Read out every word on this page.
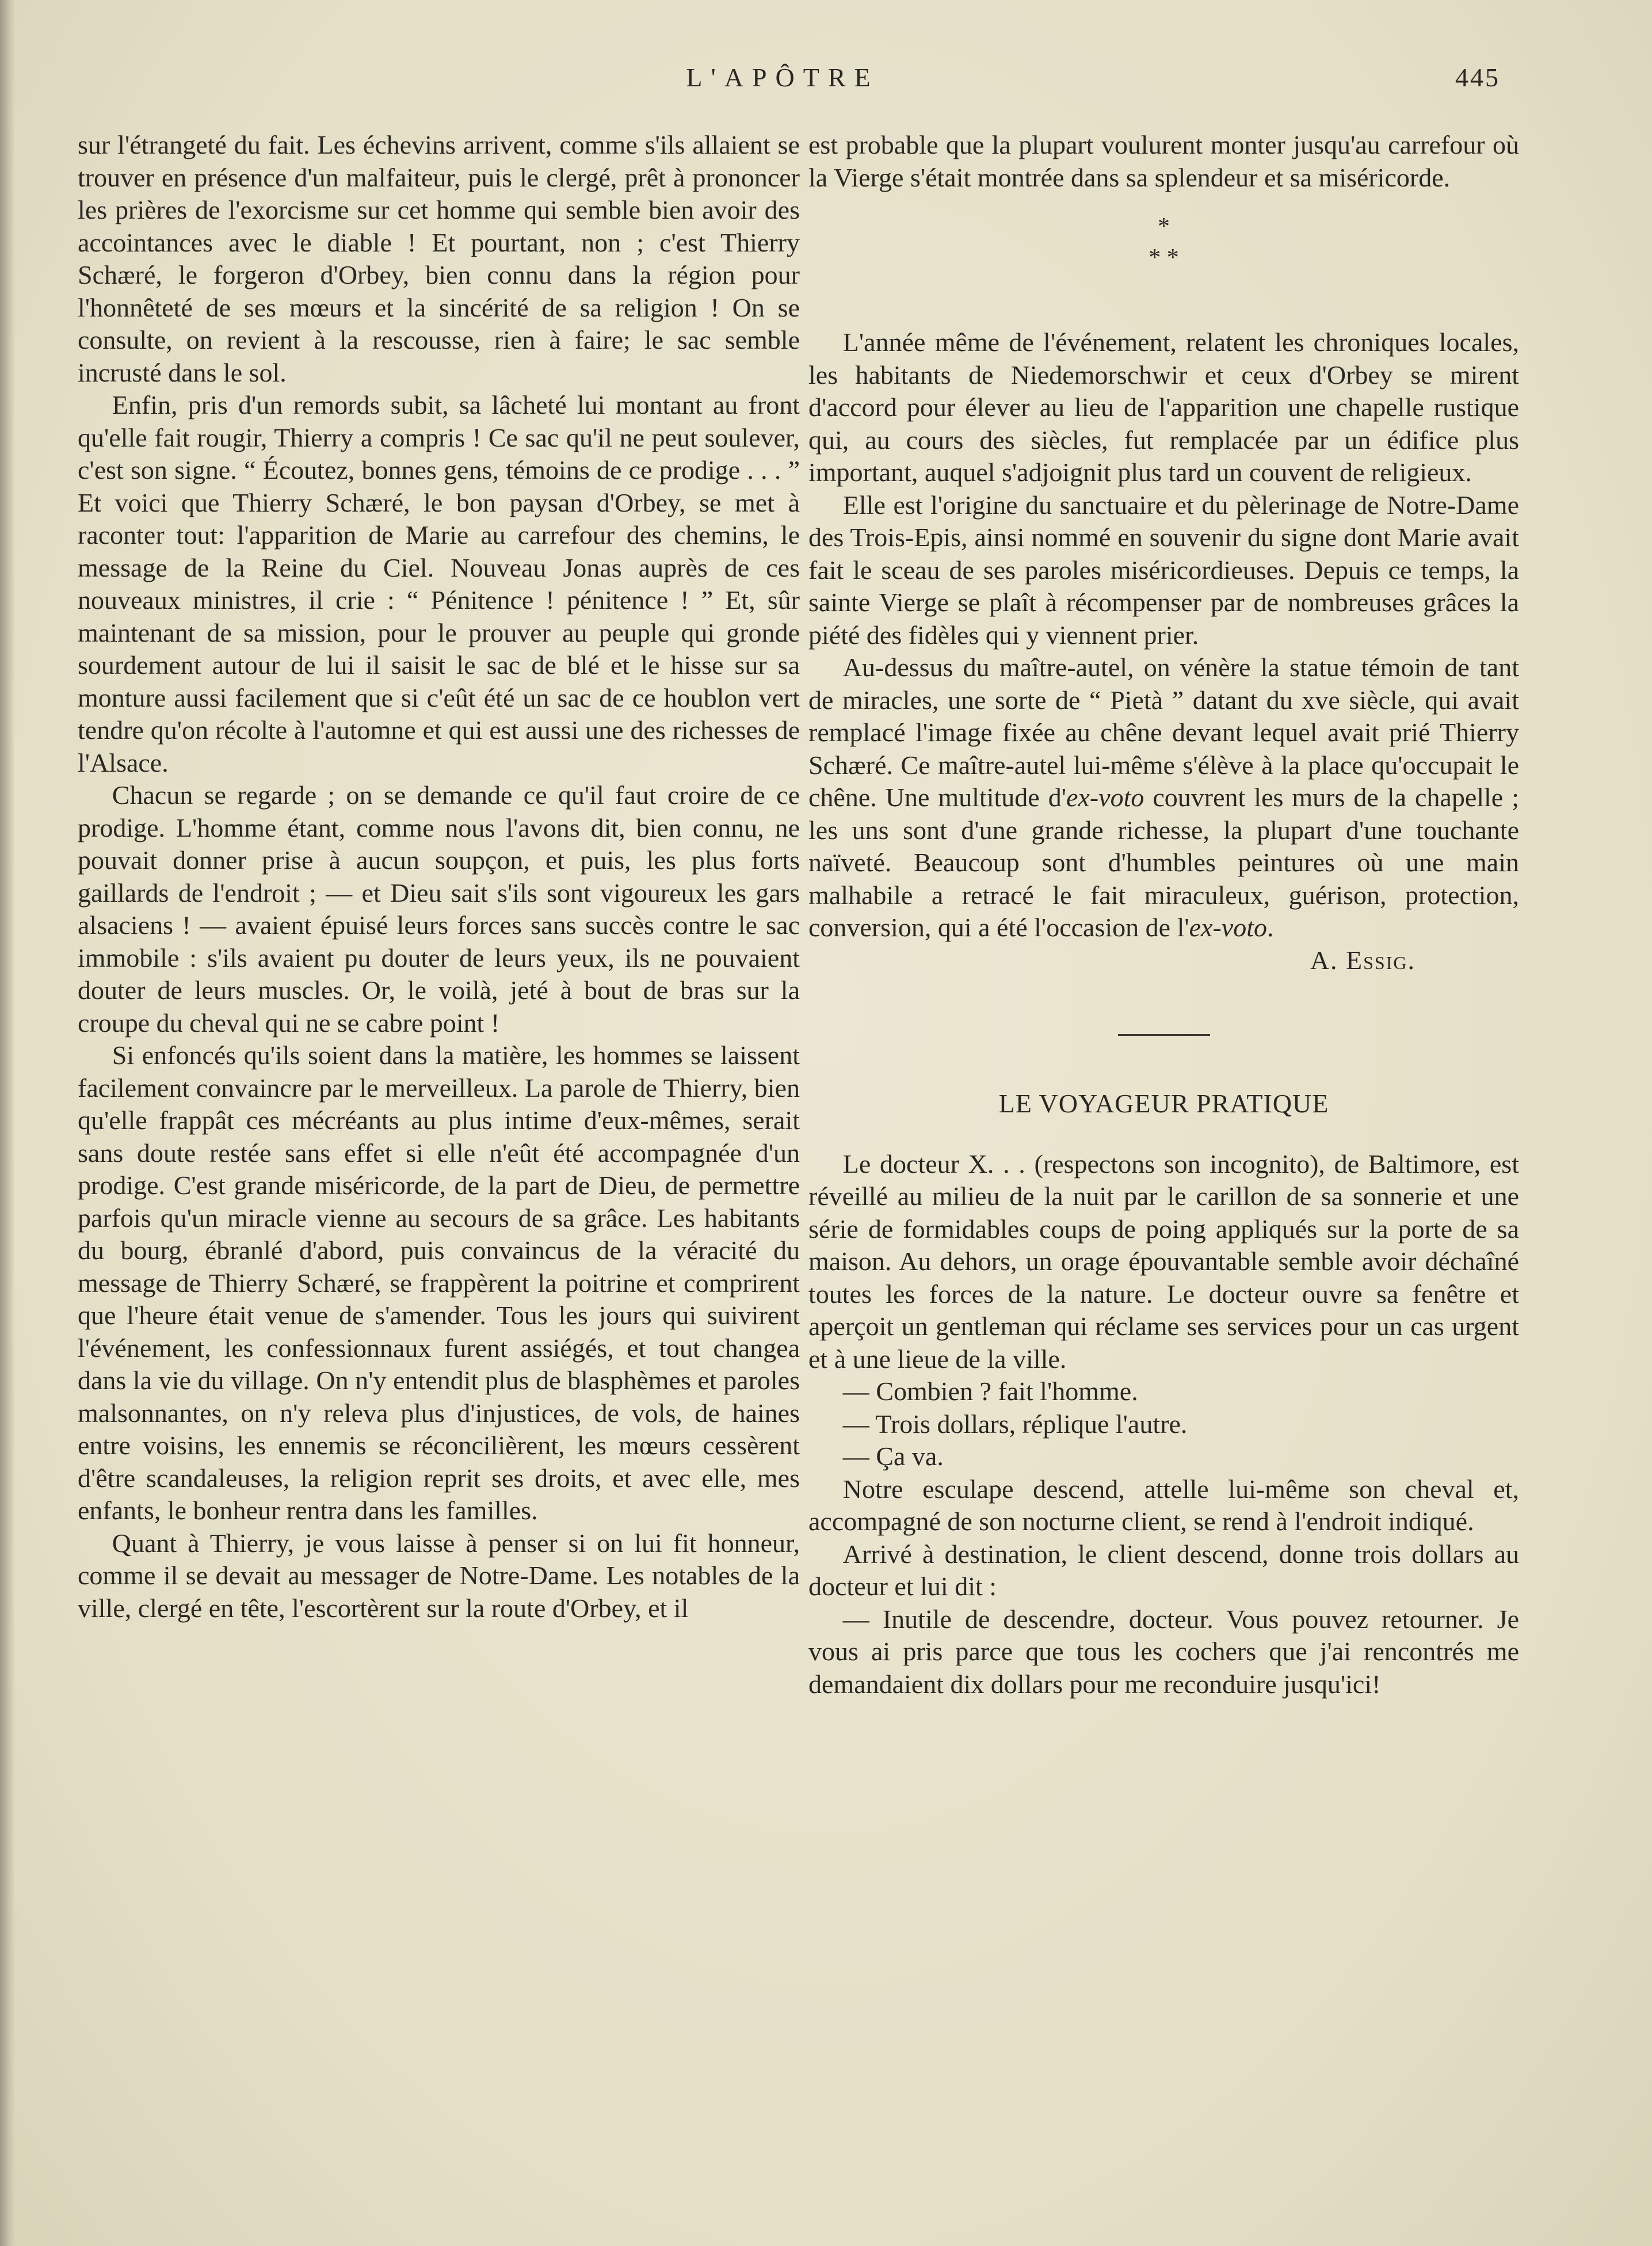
L'APÔTRE	445

sur l'étrangeté du fait. Les échevins arrivent, comme s'ils allaient se trouver en présence d'un malfaiteur, puis le clergé, prêt à prononcer les prières de l'exorcisme sur cet homme qui semble bien avoir des accointances avec le diable ! Et pourtant, non ; c'est Thierry Schæré, le forgeron d'Orbey, bien connu dans la région pour l'honnêteté de ses mœurs et la sincérité de sa religion ! On se consulte, on revient à la rescousse, rien à faire; le sac semble incrusté dans le sol.

Enfin, pris d'un remords subit, sa lâcheté lui montant au front qu'elle fait rougir, Thierry a compris ! Ce sac qu'il ne peut soulever, c'est son signe. “ Écoutez, bonnes gens, témoins de ce prodige . . . ” Et voici que Thierry Schæré, le bon paysan d'Orbey, se met à raconter tout: l'apparition de Marie au carrefour des chemins, le message de la Reine du Ciel. Nouveau Jonas auprès de ces nouveaux ministres, il crie : “ Pénitence ! pénitence ! ” Et, sûr maintenant de sa mission, pour le prouver au peuple qui gronde sourdement autour de lui il saisit le sac de blé et le hisse sur sa monture aussi facilement que si c'eût été un sac de ce houblon vert tendre qu'on récolte à l'automne et qui est aussi une des richesses de l'Alsace.

Chacun se regarde ; on se demande ce qu'il faut croire de ce prodige. L'homme étant, comme nous l'avons dit, bien connu, ne pouvait donner prise à aucun soupçon, et puis, les plus forts gaillards de l'endroit ; — et Dieu sait s'ils sont vigoureux les gars alsaciens ! — avaient épuisé leurs forces sans succès contre le sac immobile : s'ils avaient pu douter de leurs yeux, ils ne pouvaient douter de leurs muscles. Or, le voilà, jeté à bout de bras sur la croupe du cheval qui ne se cabre point !

Si enfoncés qu'ils soient dans la matière, les hommes se laissent facilement convaincre par le merveilleux. La parole de Thierry, bien qu'elle frappât ces mécréants au plus intime d'eux-mêmes, serait sans doute restée sans effet si elle n'eût été accompagnée d'un prodige. C'est grande miséricorde, de la part de Dieu, de permettre parfois qu'un miracle vienne au secours de sa grâce. Les habitants du bourg, ébranlé d'abord, puis convaincus de la véracité du message de Thierry Schæré, se frappèrent la poitrine et comprirent que l'heure était venue de s'amender. Tous les jours qui suivirent l'événement, les confessionnaux furent assiégés, et tout changea dans la vie du village. On n'y entendit plus de blasphèmes et paroles malsonnantes, on n'y releva plus d'injustices, de vols, de haines entre voisins, les ennemis se réconcilièrent, les mœurs cessèrent d'être scandaleuses, la religion reprit ses droits, et avec elle, mes enfants, le bonheur rentra dans les familles.

Quant à Thierry, je vous laisse à penser si on lui fit honneur, comme il se devait au messager de Notre-Dame. Les notables de la ville, clergé en tête, l'escortèrent sur la route d'Orbey, et il

est probable que la plupart voulurent monter jusqu'au carrefour où la Vierge s'était montrée dans sa splendeur et sa miséricorde.

*
* *

L'année même de l'événement, relatent les chroniques locales, les habitants de Niedemorschwir et ceux d'Orbey se mirent d'accord pour élever au lieu de l'apparition une chapelle rustique qui, au cours des siècles, fut remplacée par un édifice plus important, auquel s'adjoignit plus tard un couvent de religieux.

Elle est l'origine du sanctuaire et du pèlerinage de Notre-Dame des Trois-Epis, ainsi nommé en souvenir du signe dont Marie avait fait le sceau de ses paroles miséricordieuses. Depuis ce temps, la sainte Vierge se plaît à récompenser par de nombreuses grâces la piété des fidèles qui y viennent prier.

Au-dessus du maître-autel, on vénère la statue témoin de tant de miracles, une sorte de “ Pietà ” datant du xve siècle, qui avait remplacé l'image fixée au chêne devant lequel avait prié Thierry Schæré. Ce maître-autel lui-même s'élève à la place qu'occupait le chêne. Une multitude d'ex-voto couvrent les murs de la chapelle ; les uns sont d'une grande richesse, la plupart d'une touchante naïveté. Beaucoup sont d'humbles peintures où une main malhabile a retracé le fait miraculeux, guérison, protection, conversion, qui a été l'occasion de l'ex-voto.

A. Essig.

LE VOYAGEUR PRATIQUE

Le docteur X. . . (respectons son incognito), de Baltimore, est réveillé au milieu de la nuit par le carillon de sa sonnerie et une série de formidables coups de poing appliqués sur la porte de sa maison. Au dehors, un orage épouvantable semble avoir déchaîné toutes les forces de la nature. Le docteur ouvre sa fenêtre et aperçoit un gentleman qui réclame ses services pour un cas urgent et à une lieue de la ville.

— Combien ? fait l'homme.

— Trois dollars, réplique l'autre.

— Ça va.

Notre esculape descend, attelle lui-même son cheval et, accompagné de son nocturne client, se rend à l'endroit indiqué.

Arrivé à destination, le client descend, donne trois dollars au docteur et lui dit :

— Inutile de descendre, docteur. Vous pouvez retourner. Je vous ai pris parce que tous les cochers que j'ai rencontrés me demandaient dix dollars pour me reconduire jusqu'ici!
